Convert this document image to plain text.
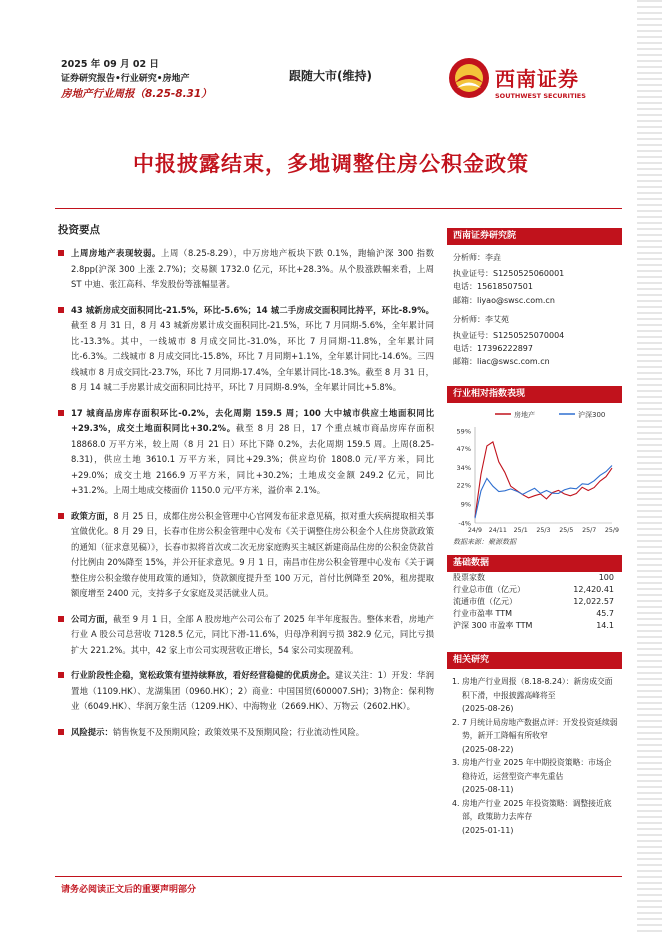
2025 年 09 月 02 日
证券研究报告•行业研究•房地产
房地产行业周报（8.25-8.31）
跟随大市(维持)	西南证券
SOUTHWEST SECURITIES
中报披露结束，多地调整住房公积金政策
投资要点
上周房地产表现较弱。上周（8.25-8.29），中万房地产板块下跌 0.1%，跑输沪深 300 指数 2.8pp(沪深 300 上涨 2.7%)；交易额 1732.0 亿元，环比+28.3%。从个股涨跌幅来看，上周 ST 中迪、张江高科、华发股份等涨幅显著。
43 城新房成交面积同比-21.5%，环比-5.6%；14 城二手房成交面积同比持平，环比-8.9%。截至 8 月 31 日，8 月 43 城新房累计成交面积同比-21.5%，环比 7 月同期-5.6%，全年累计同比-13.3%。其中，一线城市 8 月成交同比-31.0%，环比 7 月同期-11.8%，全年累计同比-6.3%。二线城市 8 月成交同比-15.8%，环比 7 月同期+1.1%，全年累计同比-14.6%。三四线城市 8 月成交同比-23.7%，环比 7 月同期-17.4%，全年累计同比-18.3%。截至 8 月 31 日，8 月 14 城二手房累计成交面积同比持平，环比 7 月同期-8.9%，全年累计同比+5.8%。
17 城商品房库存面积环比-0.2%，去化周期 159.5 周；100 大中城市供应土地面积同比+29.3%，成交土地面积同比+30.2%。截至 8 月 28 日，17 个重点城市商品房库存面积 18868.0 万平方米，较上周（8 月 21 日）环比下降 0.2%，去化周期 159.5 周。上周(8.25-8.31)，供应土地 3610.1 万平方米，同比+29.3%；供应均价 1808.0 元/平方米，同比+29.0%；成交土地 2166.9 万平方米，同比+30.2%；土地成交金额 249.2 亿元，同比+31.2%。上周土地成交楼面价 1150.0 元/平方米，溢价率 2.1%。
政策方面，8 月 25 日，成都住房公积金管理中心官网发布征求意见稿，拟对重大疾病提取相关事宜做优化。8 月 29 日，长春市住房公积金管理中心发布《关于调整住房公积金个人住房贷款政策的通知（征求意见稿）》，长春市拟将首次或二次无房家庭购买主城区新建商品住房的公积金贷款首付比例由 20%降至 15%，并公开征求意见。9 月 1 日，南昌市住房公积金管理中心发布《关于调整住房公积金缴存使用政策的通知》，贷款额度提升至 100 万元，首付比例降至 20%，租房提取额度增至 2400 元，支持多子女家庭及灵活就业人员。
公司方面，截至 9 月 1 日，全部 A 股房地产公司公布了 2025 年半年度报告。整体来看，房地产行业 A 股公司总营收 7128.5 亿元，同比下滑-11.6%，归母净利润亏损 382.9 亿元，同比亏损扩大 221.2%。其中，42 家上市公司实现营收正增长，54 家公司实现盈利。
行业阶段性企稳，宽松政策有望持续释放，看好经营稳健的优质房企。建议关注：1）开发：华润置地（1109.HK）、龙湖集团（0960.HK）；2）商业：中国国贸(600007.SH)；3)物企：保利物业（6049.HK）、华润万象生活（1209.HK）、中海物业（2669.HK）、万物云（2602.HK）。
风险提示：销售恢复不及预期风险；政策效果不及预期风险；行业流动性风险。
西南证券研究院
分析师：李垚
执业证号：S1250525060001
电话：15618507501
邮箱：liyao@swsc.com.cn
分析师：李艾苑
执业证号：S1250525070004
电话：17396222897
邮箱：liac@swsc.com.cn
行业相对指数表现
房地产	沪深300
-4%
9%
22%
34%
47%
59%
24/9 24/11 25/1 25/3 25/5 25/7 25/9
数据来源：聚源数据
基础数据
股票家数	100
行业总市值（亿元）	12,420.41
流通市值（亿元）	12,022.57
行业市盈率 TTM	45.7
沪深 300 市盈率 TTM	14.1
相关研究
1. 房地产行业周报（8.18-8.24）：新房成交面积下滑，中报披露高峰将至
(2025-08-26)
2. 7 月统计局房地产数据点评：开发投资延续弱势，新开工降幅有所收窄
(2025-08-22)
3. 房地产行业 2025 年中期投资策略：市场企稳待近，运营型资产率先重估
(2025-08-11)
4. 房地产行业 2025 年投资策略：调整接近底部，政策助力去库存
(2025-01-11)
请务必阅读正文后的重要声明部分
